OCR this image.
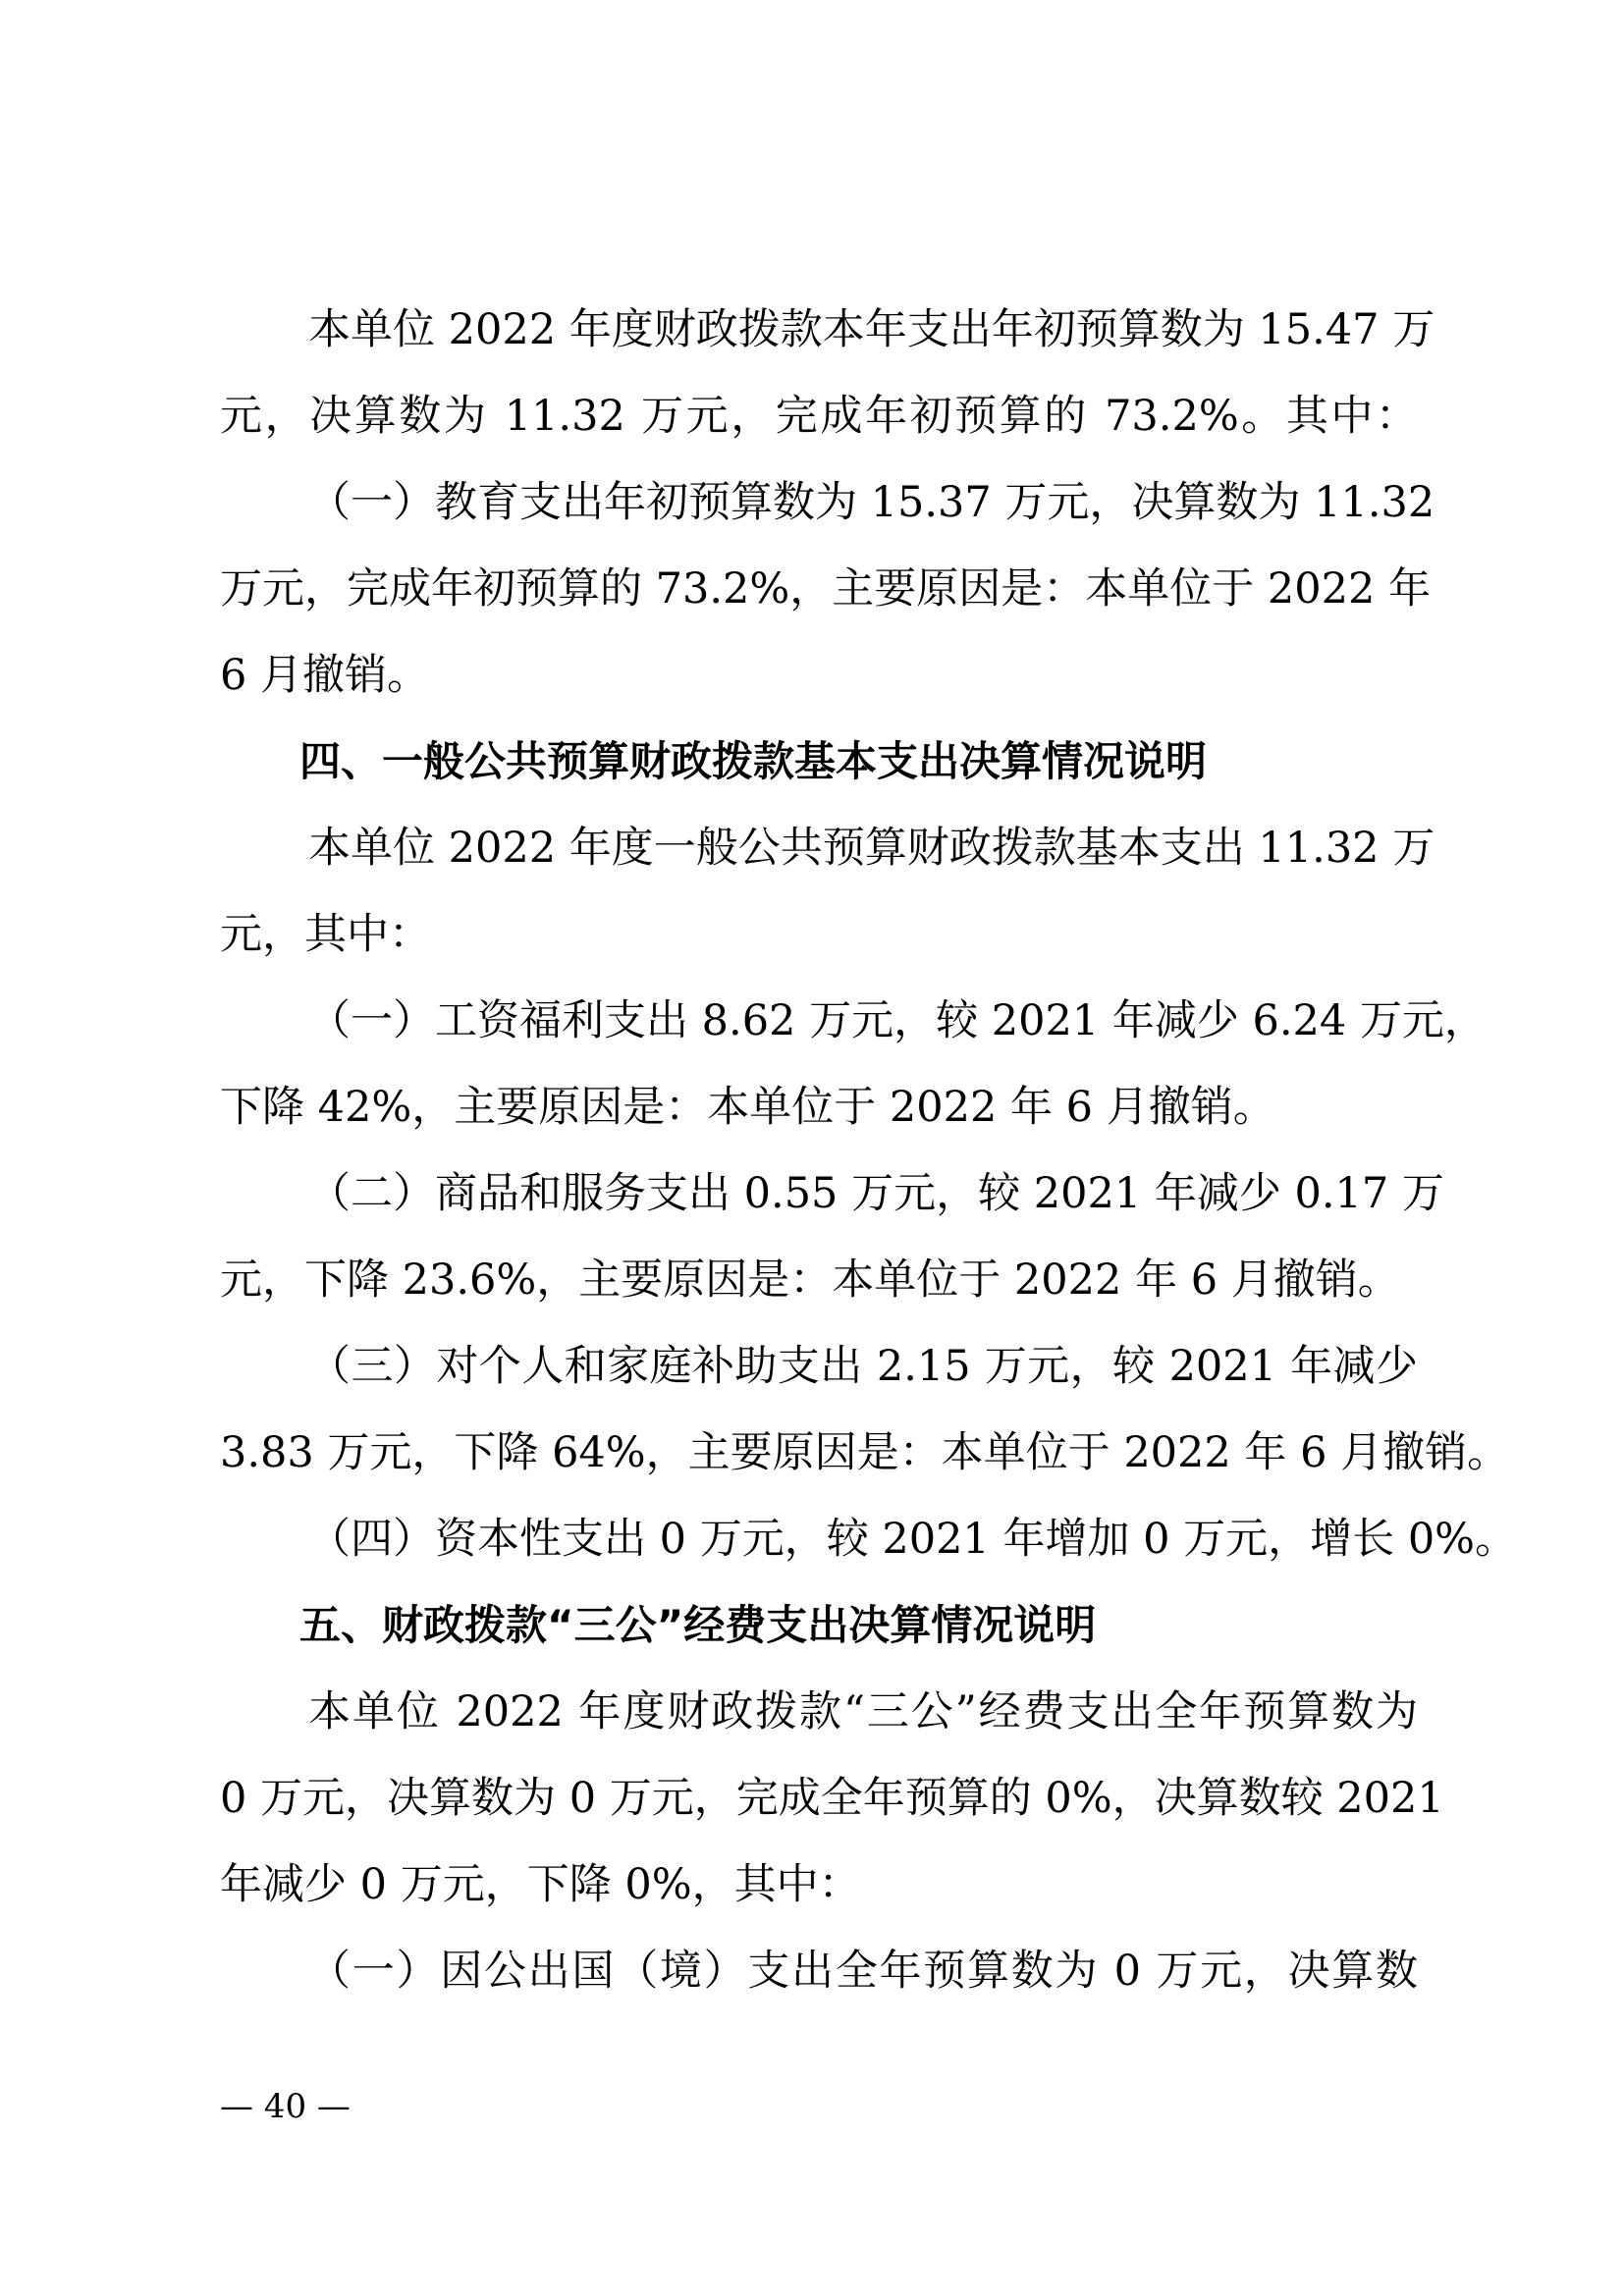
本单位 2022 年度财政拨款本年支出年初预算数为 15.47 万
元，决算数为 11.32 万元，完成年初预算的 73.2%。其中：
（一）教育支出年初预算数为 15.37 万元，决算数为 11.32
万元，完成年初预算的 73.2%，主要原因是：本单位于 2022 年
6 月撤销。
四、一般公共预算财政拨款基本支出决算情况说明
本单位 2022 年度一般公共预算财政拨款基本支出 11.32 万
元，其中：
（一）工资福利支出 8.62 万元，较 2021 年减少 6.24 万元，
下降 42%，主要原因是：本单位于 2022 年 6 月撤销。
（二）商品和服务支出 0.55 万元，较 2021 年减少 0.17 万
元，下降 23.6%，主要原因是：本单位于 2022 年 6 月撤销。
（三）对个人和家庭补助支出 2.15 万元，较 2021 年减少
3.83 万元，下降 64%，主要原因是：本单位于 2022 年 6 月撤销。
（四）资本性支出 0 万元，较 2021 年增加 0 万元，增长 0%。
五、财政拨款“三公”经费支出决算情况说明
本单位 2022 年度财政拨款“三公”经费支出全年预算数为
0 万元，决算数为 0 万元，完成全年预算的 0%，决算数较 2021
年减少 0 万元，下降 0%，其中：
（一）因公出国（境）支出全年预算数为 0 万元，决算数
— 40 —
